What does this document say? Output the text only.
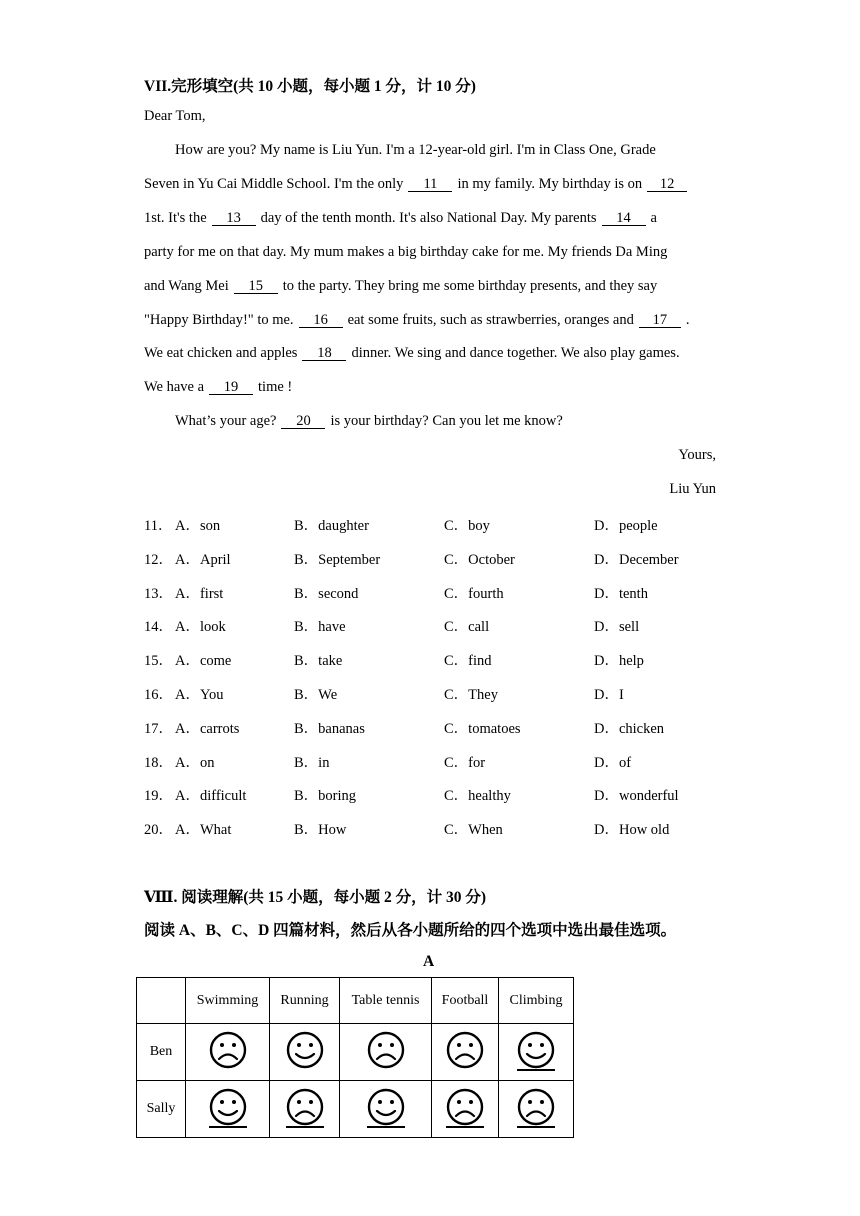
VII.完形填空(共 10 小题，每小题 1 分，计 10 分)
Dear Tom,
How are you? My name is Liu Yun. I'm a 12-year-old girl. I'm in Class One, Grade
Seven in Yu Cai Middle School. I'm the only 11 in my family. My birthday is on 12
1st. It's the 13 day of the tenth month. It's also National Day. My parents 14 a
party for me on that day. My mum makes a big birthday cake for me. My friends Da Ming
and Wang Mei 15 to the party. They bring me some birthday presents, and they say
"Happy Birthday!" to me. 16 eat some fruits, such as strawberries, oranges and 17 .
We eat chicken and apples 18 dinner. We sing and dance together. We also play games.
We have a 19 time !
What’s your age? 20 is your birthday? Can you let me know?
Yours,
Liu Yun
11． A．son	B．daughter	C．boy	D．people
12． A．April	B．September	C．October	D．December
13． A．first	B．second	C．fourth	D．tenth
14． A．look	B．have	C．call	D．sell
15． A．come	B．take	C．find	D．help
16． A．You	B．We	C．They	D．I
17． A．carrots	B．bananas	C．tomatoes	D．chicken
18． A．on	B．in	C．for	D．of
19． A．difficult	B．boring	C．healthy	D．wonderful
20． A．What	B．How	C．When	D．How old
Ⅷ. 阅读理解(共 15 小题，每小题 2 分，计 30 分)
阅读 A、B、C、D 四篇材料，然后从各小题所给的四个选项中选出最佳选项。
A
	Swimming	Running	Table tennis	Football	Climbing
Ben	

Sally	
